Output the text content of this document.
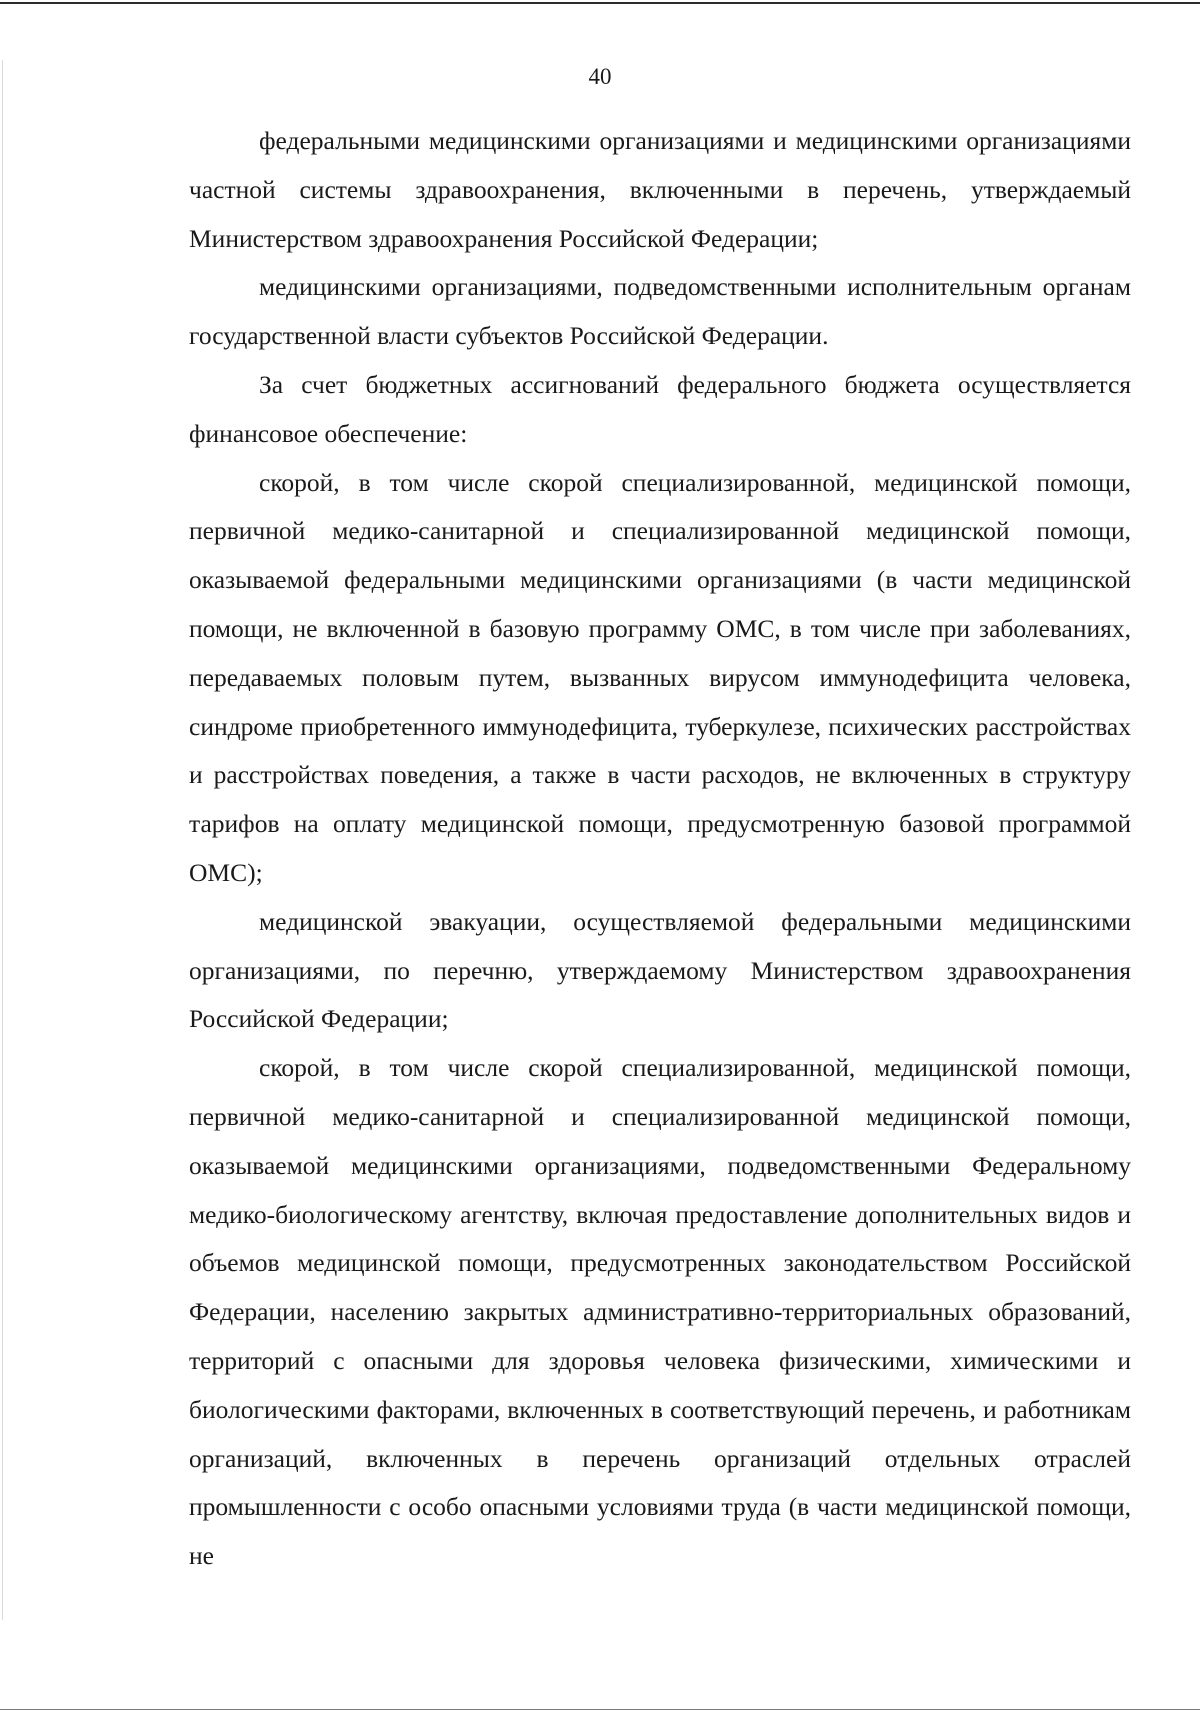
40

федеральными медицинскими организациями и медицинскими организациями частной системы здравоохранения, включенными в перечень, утверждаемый Министерством здравоохранения Российской Федерации;

медицинскими организациями, подведомственными исполнительным органам государственной власти субъектов Российской Федерации.

За счет бюджетных ассигнований федерального бюджета осуществляется финансовое обеспечение:

скорой, в том числе скорой специализированной, медицинской помощи, первичной медико-санитарной и специализированной медицинской помощи, оказываемой федеральными медицинскими организациями (в части медицинской помощи, не включенной в базовую программу ОМС, в том числе при заболеваниях, передаваемых половым путем, вызванных вирусом иммунодефицита человека, синдроме приобретенного иммунодефицита, туберкулезе, психических расстройствах и расстройствах поведения, а также в части расходов, не включенных в структуру тарифов на оплату медицинской помощи, предусмотренную базовой программой ОМС);

медицинской эвакуации, осуществляемой федеральными медицинскими организациями, по перечню, утверждаемому Министерством здравоохранения Российской Федерации;

скорой, в том числе скорой специализированной, медицинской помощи, первичной медико-санитарной и специализированной медицинской помощи, оказываемой медицинскими организациями, подведомственными Федеральному медико-биологическому агентству, включая предоставление дополнительных видов и объемов медицинской помощи, предусмотренных законодательством Российской Федерации, населению закрытых административно-территориальных образований, территорий с опасными для здоровья человека физическими, химическими и биологическими факторами, включенных в соответствующий перечень, и работникам организаций, включенных в перечень организаций отдельных отраслей промышленности с особо опасными условиями труда (в части медицинской помощи, не
